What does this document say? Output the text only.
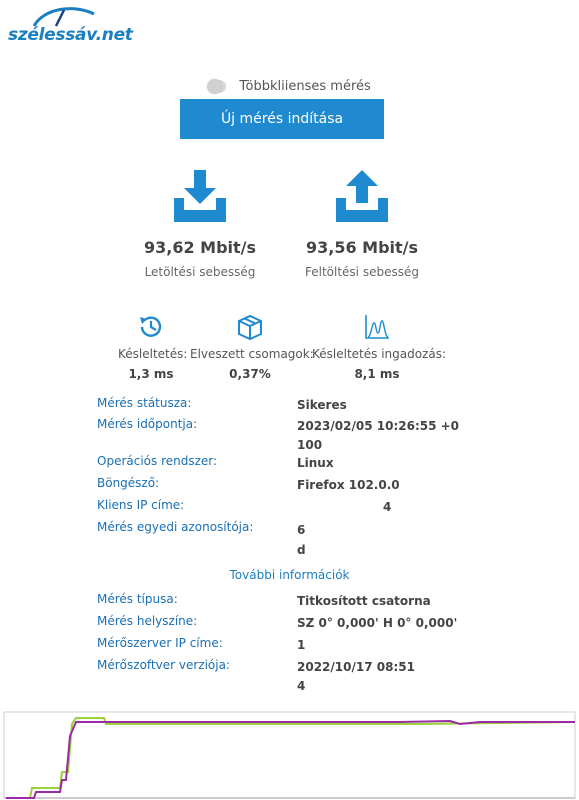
szélessáv.net
Többkliienses mérés
Új mérés indítása
93,62 Mbit/s
Letöltési sebesség
93,56 Mbit/s
Feltöltési sebesség
Késleltetés:
1,3 ms
Elveszett csomagok:
0,37%
Késleltetés ingadozás:
8,1 ms
Mérés státusza:	Sikeres
Mérés időpontja:	2023/02/05 10:26:55 +0100
Operációs rendszer:	Linux
Böngésző:	Firefox 102.0.0
Kliens IP címe:	4
Mérés egyedi azonosítója:	6 d
További információk
Mérés típusa:	Titkosított csatorna
Mérés helyszíne:	SZ 0° 0,000' H 0° 0,000'
Mérőszerver IP címe:	1
Mérőszoftver verziója:	2022/10/17 08:51 4
